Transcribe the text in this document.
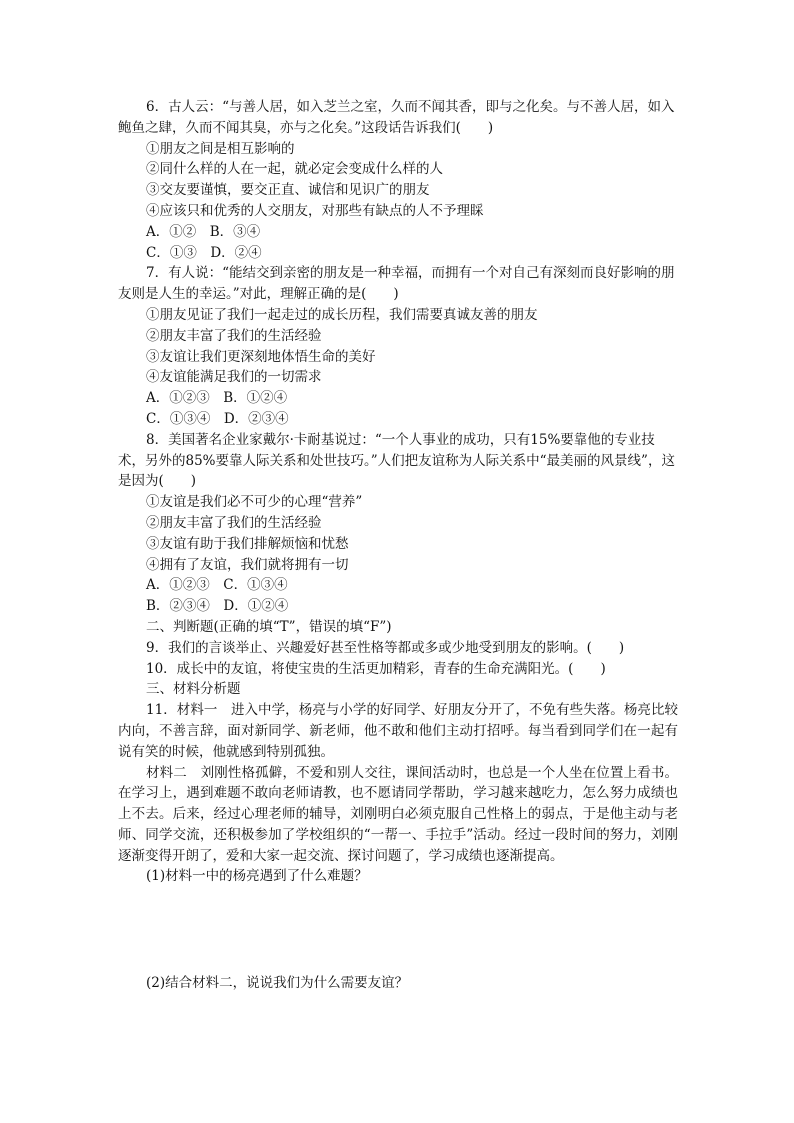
6．古人云：“与善人居，如入芝兰之室，久而不闻其香，即与之化矣。与不善人居，如入鲍鱼之肆，久而不闻其臭，亦与之化矣。”这段话告诉我们(　　)
①朋友之间是相互影响的
②同什么样的人在一起，就必定会变成什么样的人
③交友要谨慎，要交正直、诚信和见识广的朋友
④应该只和优秀的人交朋友，对那些有缺点的人不予理睬
A．①②　B．③④
C．①③　D．②④
7．有人说：“能结交到亲密的朋友是一种幸福，而拥有一个对自己有深刻而良好影响的朋友则是人生的幸运。”对此，理解正确的是(　　)
①朋友见证了我们一起走过的成长历程，我们需要真诚友善的朋友
②朋友丰富了我们的生活经验
③友谊让我们更深刻地体悟生命的美好
④友谊能满足我们的一切需求
A．①②③　B．①②④
C．①③④　D．②③④
8．美国著名企业家戴尔·卡耐基说过：“一个人事业的成功，只有15%要靠他的专业技术，另外的85%要靠人际关系和处世技巧。”人们把友谊称为人际关系中“最美丽的风景线”，这是因为(　　)
①友谊是我们必不可少的心理“营养”
②朋友丰富了我们的生活经验
③友谊有助于我们排解烦恼和忧愁
④拥有了友谊，我们就将拥有一切
A．①②③　C．①③④
B．②③④　D．①②④
二、判断题(正确的填“T”，错误的填“F”)
9．我们的言谈举止、兴趣爱好甚至性格等都或多或少地受到朋友的影响。(　　)
10．成长中的友谊，将使宝贵的生活更加精彩，青春的生命充满阳光。(　　)
三、材料分析题
11．材料一　进入中学，杨亮与小学的好同学、好朋友分开了，不免有些失落。杨亮比较内向，不善言辞，面对新同学、新老师，他不敢和他们主动打招呼。每当看到同学们在一起有说有笑的时候，他就感到特别孤独。
材料二　刘刚性格孤僻，不爱和别人交往，课间活动时，也总是一个人坐在位置上看书。在学习上，遇到难题不敢向老师请教，也不愿请同学帮助，学习越来越吃力，怎么努力成绩也上不去。后来，经过心理老师的辅导，刘刚明白必须克服自己性格上的弱点，于是他主动与老师、同学交流，还积极参加了学校组织的“一帮一、手拉手”活动。经过一段时间的努力，刘刚逐渐变得开朗了，爱和大家一起交流、探讨问题了，学习成绩也逐渐提高。
(1)材料一中的杨亮遇到了什么难题？
(2)结合材料二，说说我们为什么需要友谊？
